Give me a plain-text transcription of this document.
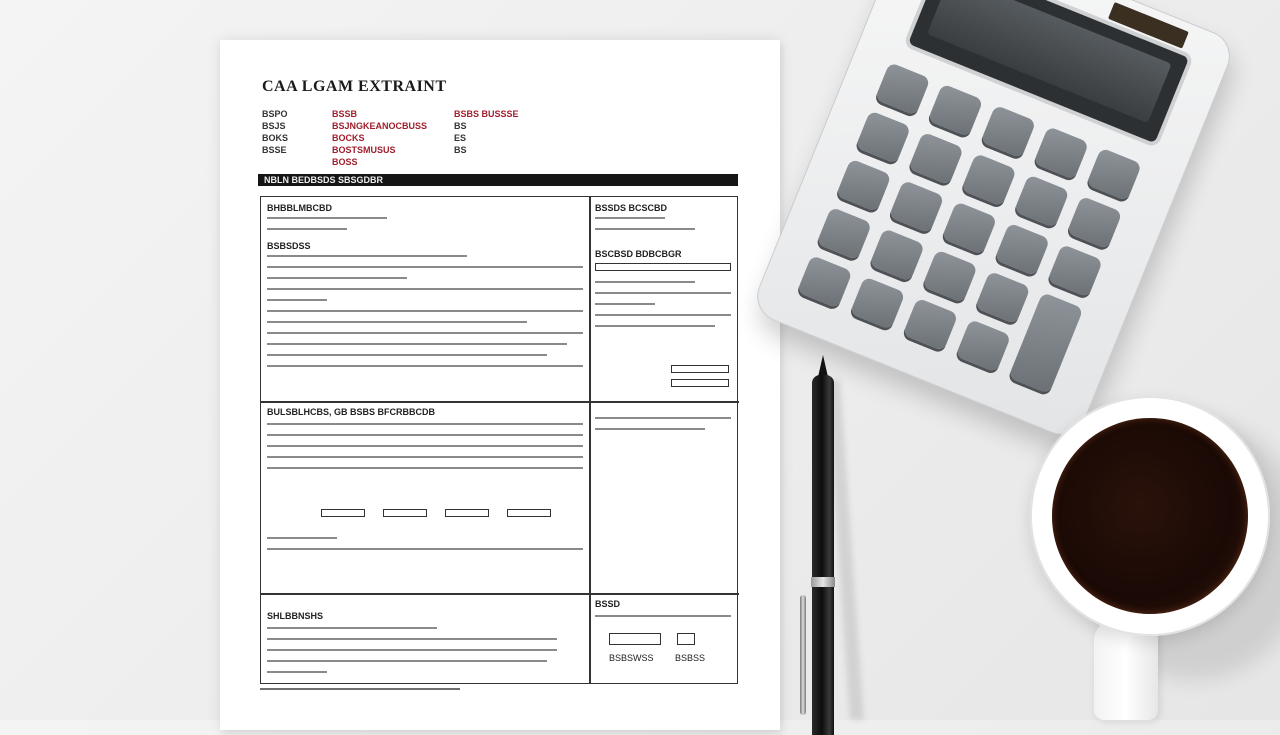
CAA LGAM EXTRAINT
BSPO
BSJS
BOKS
BSSE
BSSB
BSJNGKEANOCBUSS
BOCKS
BOSTSMUSUS
BOSS
BSBS BUSSSE
BS
ES
BS
NBLN BEDBSDS SBSGDBR
BHBBLMBCBD
BSBSDSS
BSSDS BCSCBD
BSCBSD BDBCBGR
BULSBLHCBS, GB BSBS BFCRBBCDB
SHLBBNSHS
BSSD
BSBSWSS BSBSS
